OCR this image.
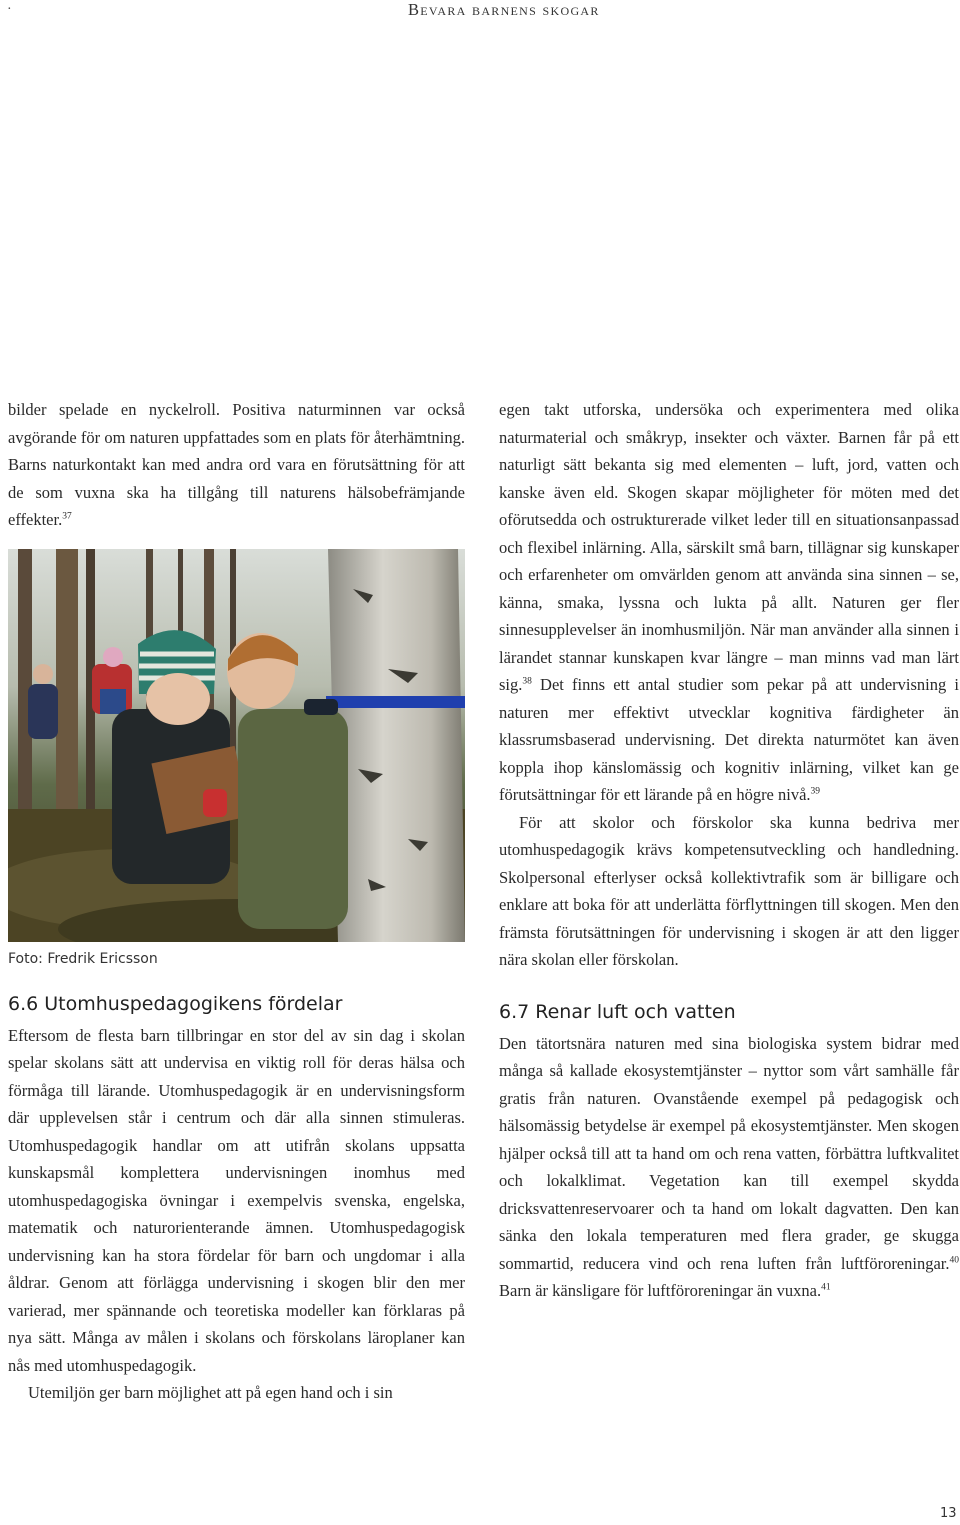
·	Bevara barnens skogar

bilder spelade en nyckelroll. Positiva naturminnen var också avgörande för om naturen uppfattades som en plats för återhämtning. Barns naturkontakt kan med andra ord vara en förutsättning för att de som vuxna ska ha tillgång till naturens hälsobefrämjande effekter.$^{37}$

Foto: Fredrik Ericsson
6.6 Utomhuspedagogikens fördelar

Eftersom de flesta barn tillbringar en stor del av sin dag i skolan spelar skolans sätt att undervisa en viktig roll för deras hälsa och förmåga till lärande. Utomhuspedagogik är en undervisningsform där upplevelsen står i centrum och där alla sinnen stimuleras. Utomhuspedagogik handlar om att utifrån skolans uppsatta kunskapsmål komplettera undervisningen inomhus med utomhuspedagogiska övningar i exempelvis svenska, engelska, matematik och naturorienterande ämnen. Utomhuspedagogisk undervisning kan ha stora fördelar för barn och ungdomar i alla åldrar. Genom att förlägga undervisning i skogen blir den mer varierad, mer spännande och teoretiska modeller kan förklaras på nya sätt. Många av målen i skolans och förskolans läroplaner kan nås med utomhuspedagogik.

Utemiljön ger barn möjlighet att på egen hand och i sin

egen takt utforska, undersöka och experimentera med olika naturmaterial och småkryp, insekter och växter. Barnen får på ett naturligt sätt bekanta sig med elementen – luft, jord, vatten och kanske även eld. Skogen skapar möjligheter för möten med det oförutsedda och ostrukturerade vilket leder till en situationsanpassad och flexibel inlärning. Alla, särskilt små barn, tillägnar sig kunskaper och erfarenheter om omvärlden genom att använda sina sinnen – se, känna, smaka, lyssna och lukta på allt. Naturen ger fler sinnesupplevelser än inomhusmiljön. När man använder alla sinnen i lärandet stannar kunskapen kvar längre – man minns vad man lärt sig.$^{38}$ Det finns ett antal studier som pekar på att undervisning i naturen mer effektivt utvecklar kognitiva färdigheter än klassrumsbaserad undervisning. Det direkta naturmötet kan även koppla ihop känslomässig och kognitiv inlärning, vilket kan ge förutsättningar för ett lärande på en högre nivå.$^{39}$

För att skolor och förskolor ska kunna bedriva mer utomhuspedagogik krävs kompetensutveckling och handledning. Skolpersonal efterlyser också kollektivtrafik som är billigare och enklare att boka för att underlätta förflyttningen till skogen. Men den främsta förutsättningen för undervisning i skogen är att den ligger nära skolan eller förskolan.

6.7 Renar luft och vatten

Den tätortsnära naturen med sina biologiska system bidrar med många så kallade ekosystemtjänster – nyttor som vårt samhälle får gratis från naturen. Ovanstående exempel på pedagogisk och hälsomässig betydelse är exempel på ekosystemtjänster. Men skogen hjälper också till att ta hand om och rena vatten, förbättra luftkvalitet och lokalklimat. Vegetation kan till exempel skydda dricksvattenreservoarer och ta hand om lokalt dagvatten. Den kan sänka den lokala temperaturen med flera grader, ge skugga sommartid, reducera vind och rena luften från luftföroreningar.$^{40}$ Barn är känsligare för luftföroreningar än vuxna.$^{41}$

13
